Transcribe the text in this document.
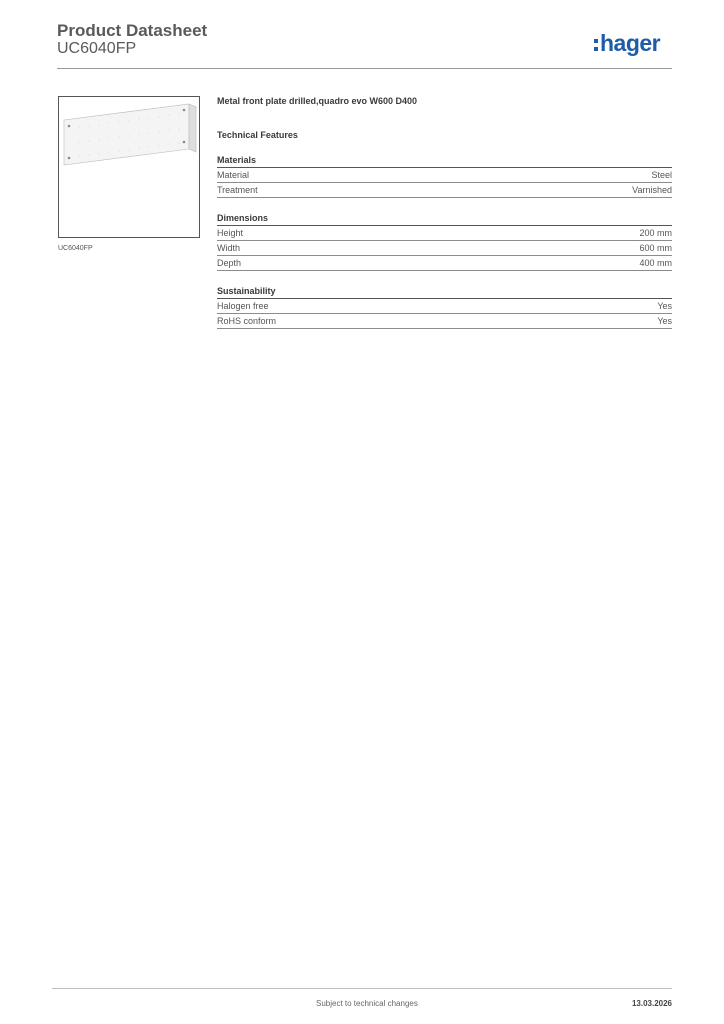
Product Datasheet
UC6040FP	hager
UC6040FP
Metal front plate drilled,quadro evo W600 D400
Technical Features
Materials
Material	Steel
Treatment	Varnished
Dimensions
Height	200 mm
Width	600 mm
Depth	400 mm
Sustainability
Halogen free	Yes
RoHS conform	Yes
Subject to technical changes	13.03.2026
